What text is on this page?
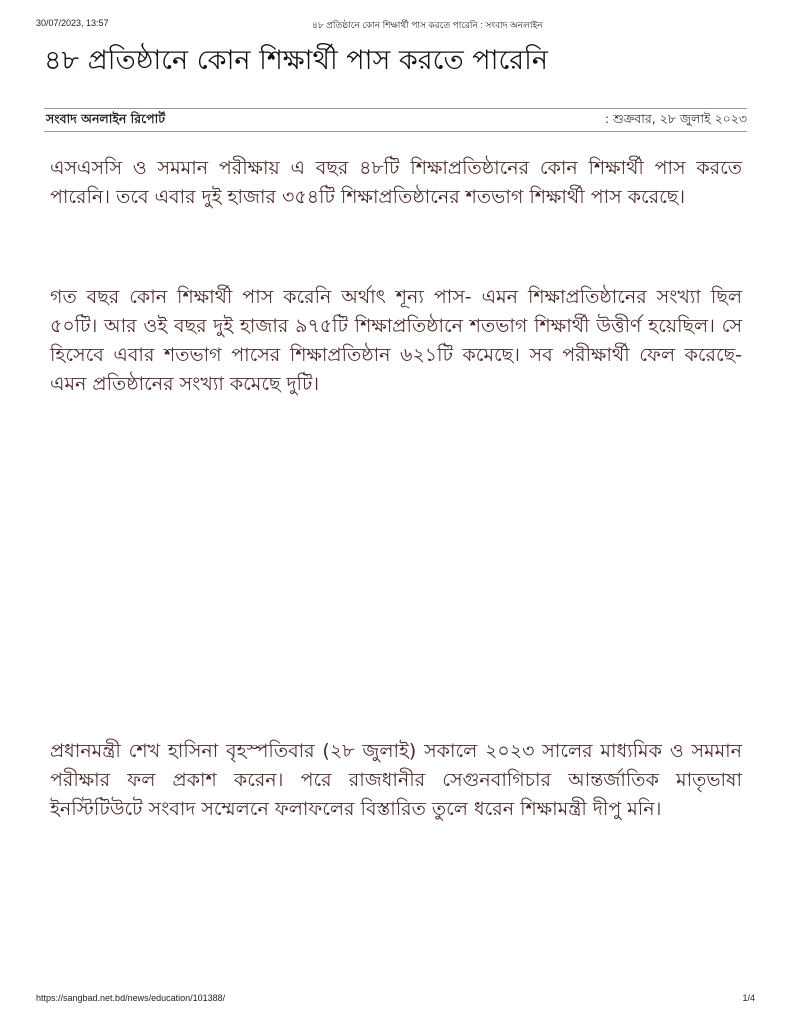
30/07/2023, 13:57	৪৮ প্রতিষ্ঠানে কোন শিক্ষার্থী পাস করতে পারেনি : সংবাদ অনলাইন
৪৮ প্রতিষ্ঠানে কোন শিক্ষার্থী পাস করতে পারেনি
সংবাদ অনলাইন রিপোর্ট	: শুক্রবার, ২৮ জুলাই ২০২৩

এসএসসি ও সমমান পরীক্ষায় এ বছর ৪৮টি শিক্ষাপ্রতিষ্ঠানের কোন শিক্ষার্থী পাস করতে পারেনি। তবে এবার দুই হাজার ৩৫৪টি শিক্ষাপ্রতিষ্ঠানের শতভাগ শিক্ষার্থী পাস করেছে।

গত বছর কোন শিক্ষার্থী পাস করেনি অর্থাৎ শূন্য পাস- এমন শিক্ষাপ্রতিষ্ঠানের সংখ্যা ছিল ৫০টি। আর ওই বছর দুই হাজার ৯৭৫টি শিক্ষাপ্রতিষ্ঠানে শতভাগ শিক্ষার্থী উত্তীর্ণ হয়েছিল। সে হিসেবে এবার শতভাগ পাসের শিক্ষাপ্রতিষ্ঠান ৬২১টি কমেছে। সব পরীক্ষার্থী ফেল করেছে- এমন প্রতিষ্ঠানের সংখ্যা কমেছে দুটি।

প্রধানমন্ত্রী শেখ হাসিনা বৃহস্পতিবার (২৮ জুলাই) সকালে ২০২৩ সালের মাধ্যমিক ও সমমান পরীক্ষার ফল প্রকাশ করেন। পরে রাজধানীর সেগুনবাগিচার আন্তর্জাতিক মাতৃভাষা ইনস্টিটিউটে সংবাদ সম্মেলনে ফলাফলের বিস্তারিত তুলে ধরেন শিক্ষামন্ত্রী দীপু মনি।

https://sangbad.net.bd/news/education/101388/	1/4
